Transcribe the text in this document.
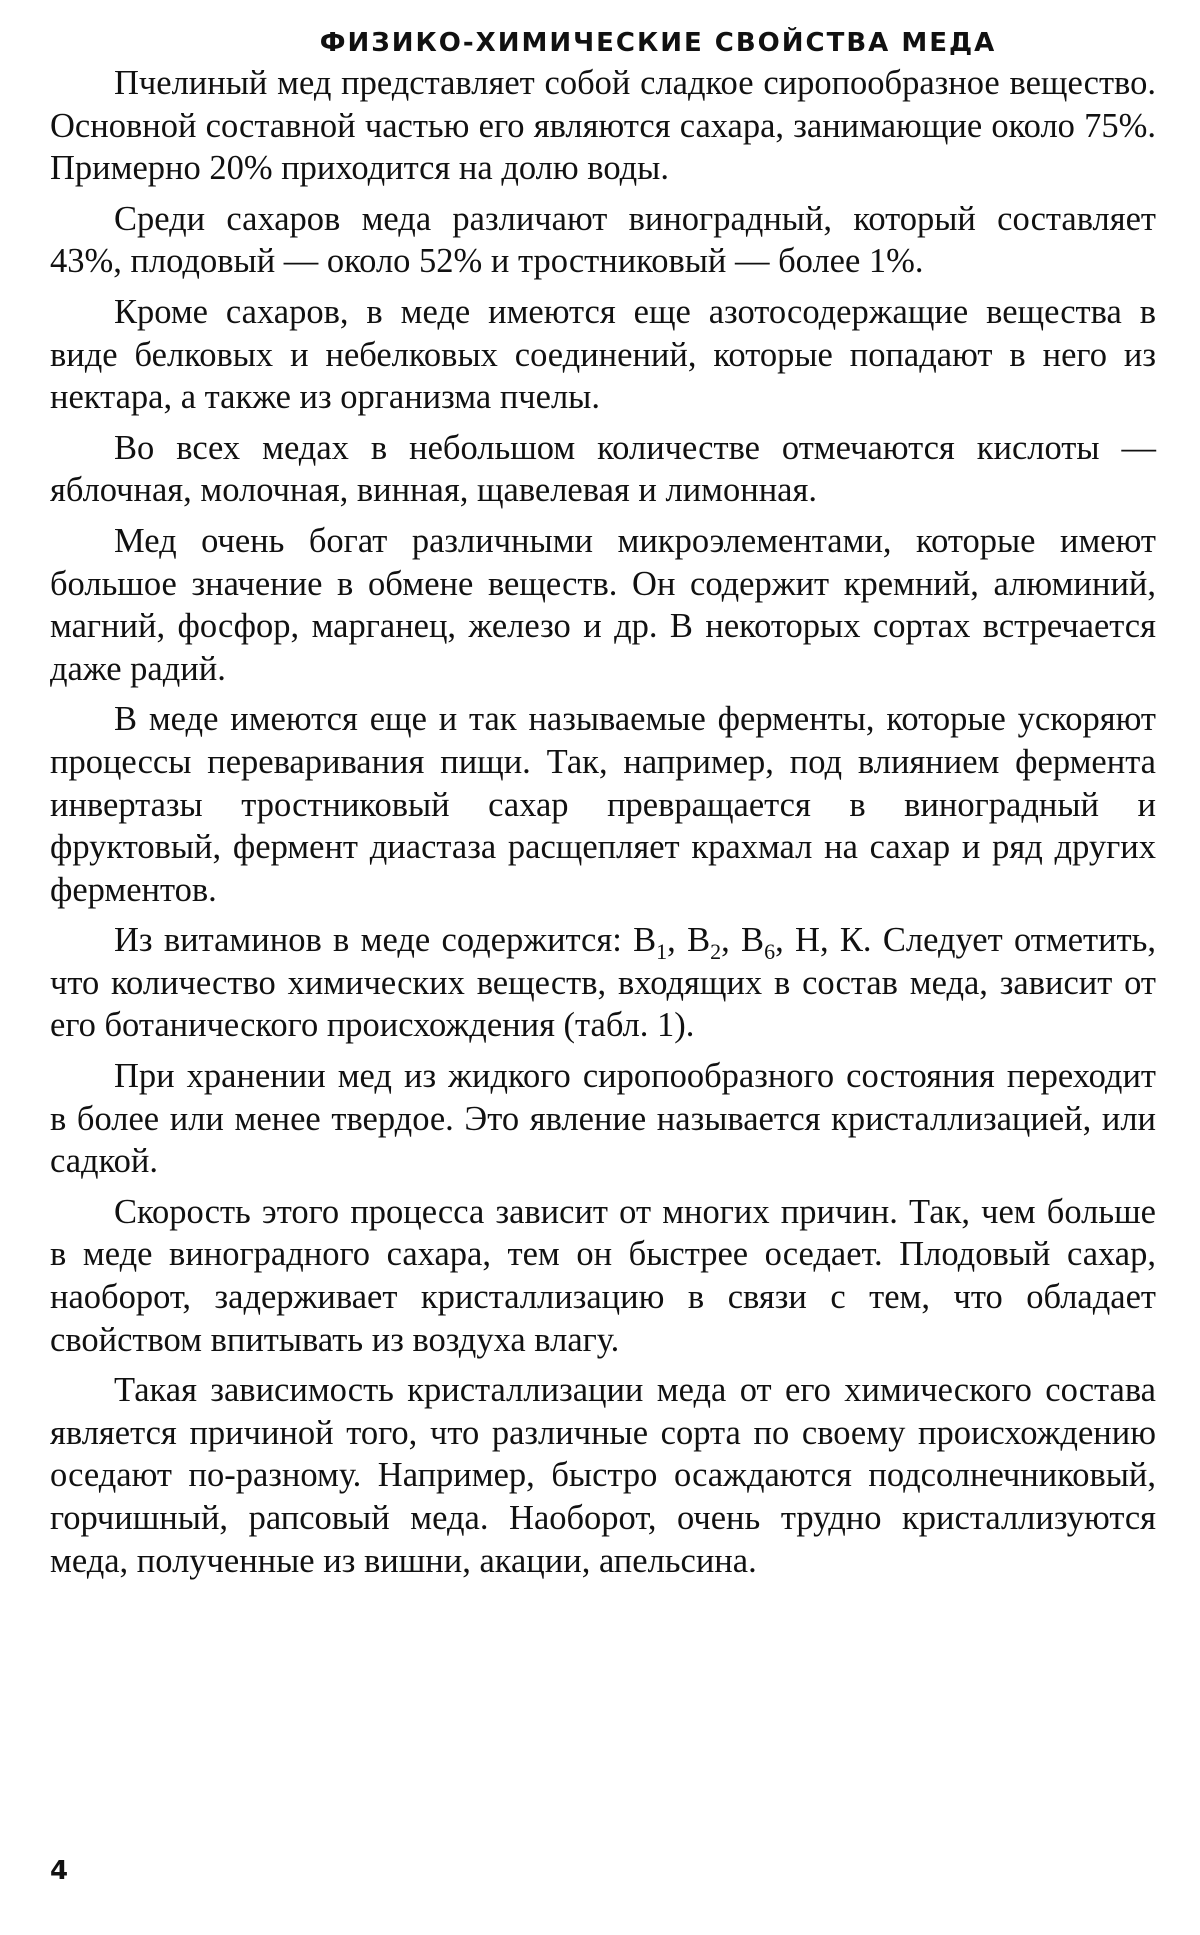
ФИЗИКО-ХИМИЧЕСКИЕ СВОЙСТВА МЕДА

Пчелиный мед представляет собой сладкое сиропообразное вещество. Основной составной частью его являются сахара, занимающие около 75%. Примерно 20% приходится на долю воды.

Среди сахаров меда различают виноградный, который составляет 43%, плодовый — около 52% и тростниковый — более 1%.

Кроме сахаров, в меде имеются еще азотосодержащие вещества в виде белковых и небелковых соединений, которые попадают в него из нектара, а также из организма пчелы.

Во всех медах в небольшом количестве отмечаются кислоты — яблочная, молочная, винная, щавелевая и лимонная.

Мед очень богат различными микроэлементами, которые имеют большое значение в обмене веществ. Он содержит кремний, алюминий, магний, фосфор, марганец, железо и др. В некоторых сортах встречается даже радий.

В меде имеются еще и так называемые ферменты, которые ускоряют процессы переваривания пищи. Так, например, под влиянием фермента инвертазы тростниковый сахар превращается в виноградный и фруктовый, фермент диастаза расщепляет крахмал на сахар и ряд других ферментов.

Из витаминов в меде содержится: $В_1$, $В_2$, $В_6$, Н, К. Следует отметить, что количество химических веществ, входящих в состав меда, зависит от его ботанического происхождения (табл. 1).

При хранении мед из жидкого сиропообразного состояния переходит в более или менее твердое. Это явление называется кристаллизацией, или садкой.

Скорость этого процесса зависит от многих причин. Так, чем больше в меде виноградного сахара, тем он быстрее оседает. Плодовый сахар, наоборот, задерживает кристаллизацию в связи с тем, что обладает свойством впитывать из воздуха влагу.

Такая зависимость кристаллизации меда от его химического состава является причиной того, что различные сорта по своему происхождению оседают по-разному. Например, быстро осаждаются подсолнечниковый, горчишный, рапсовый меда. Наоборот, очень трудно кристаллизуются меда, полученные из вишни, акации, апельсина.

4
